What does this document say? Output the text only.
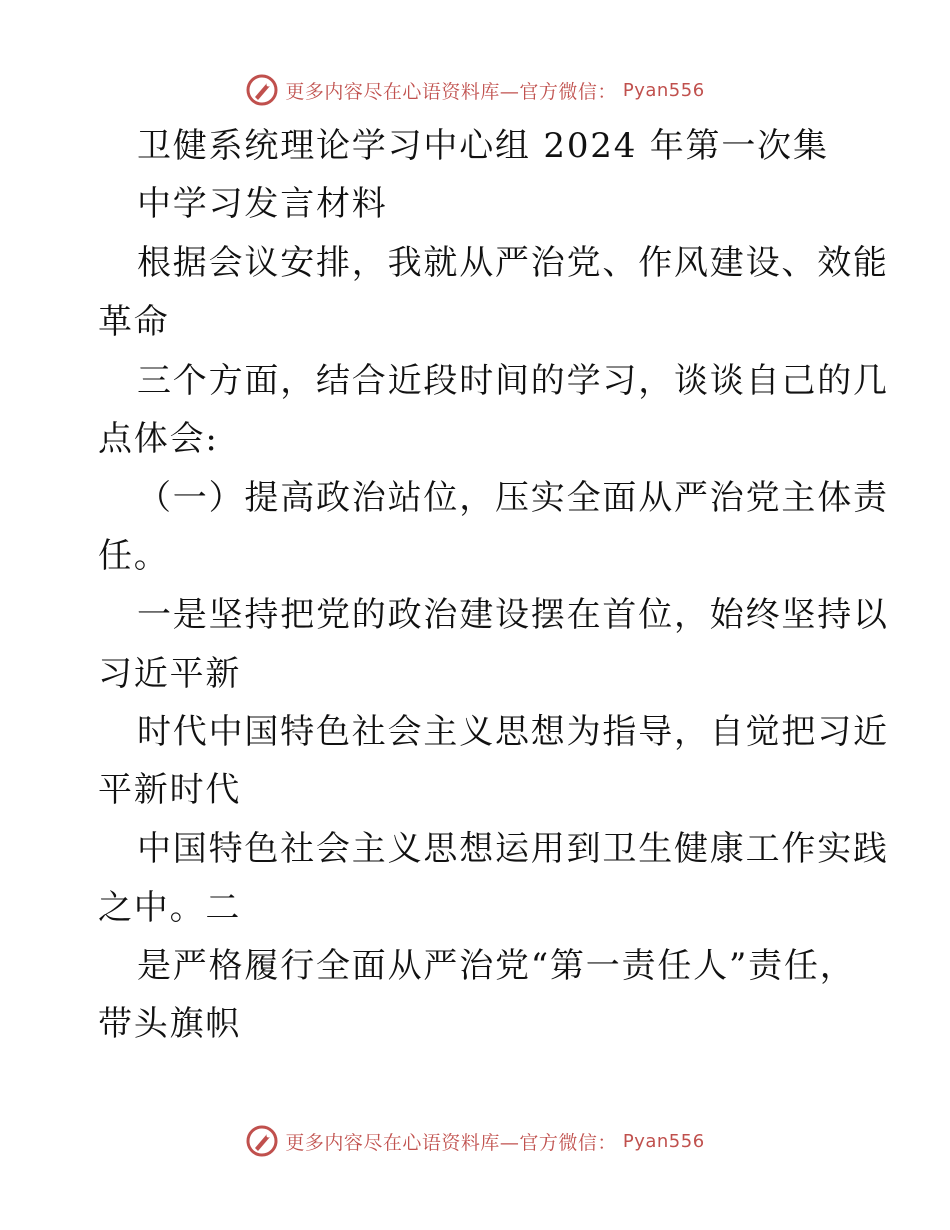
更多内容尽在心语资料库—官方微信： Pyan556
卫健系统理论学习中心组 2024 年第一次集
中学习发言材料
根据会议安排，我就从严治党、作风建设、效能
革命
三个方面，结合近段时间的学习，谈谈自己的几
点体会:
（一）提高政治站位，压实全面从严治党主体责
任。
一是坚持把党的政治建设摆在首位，始终坚持以
习近平新
时代中国特色社会主义思想为指导，自觉把习近
平新时代
中国特色社会主义思想运用到卫生健康工作实践
之中。二
是严格履行全面从严治党“第一责任人”责任，
带头旗帜
更多内容尽在心语资料库—官方微信： Pyan556
